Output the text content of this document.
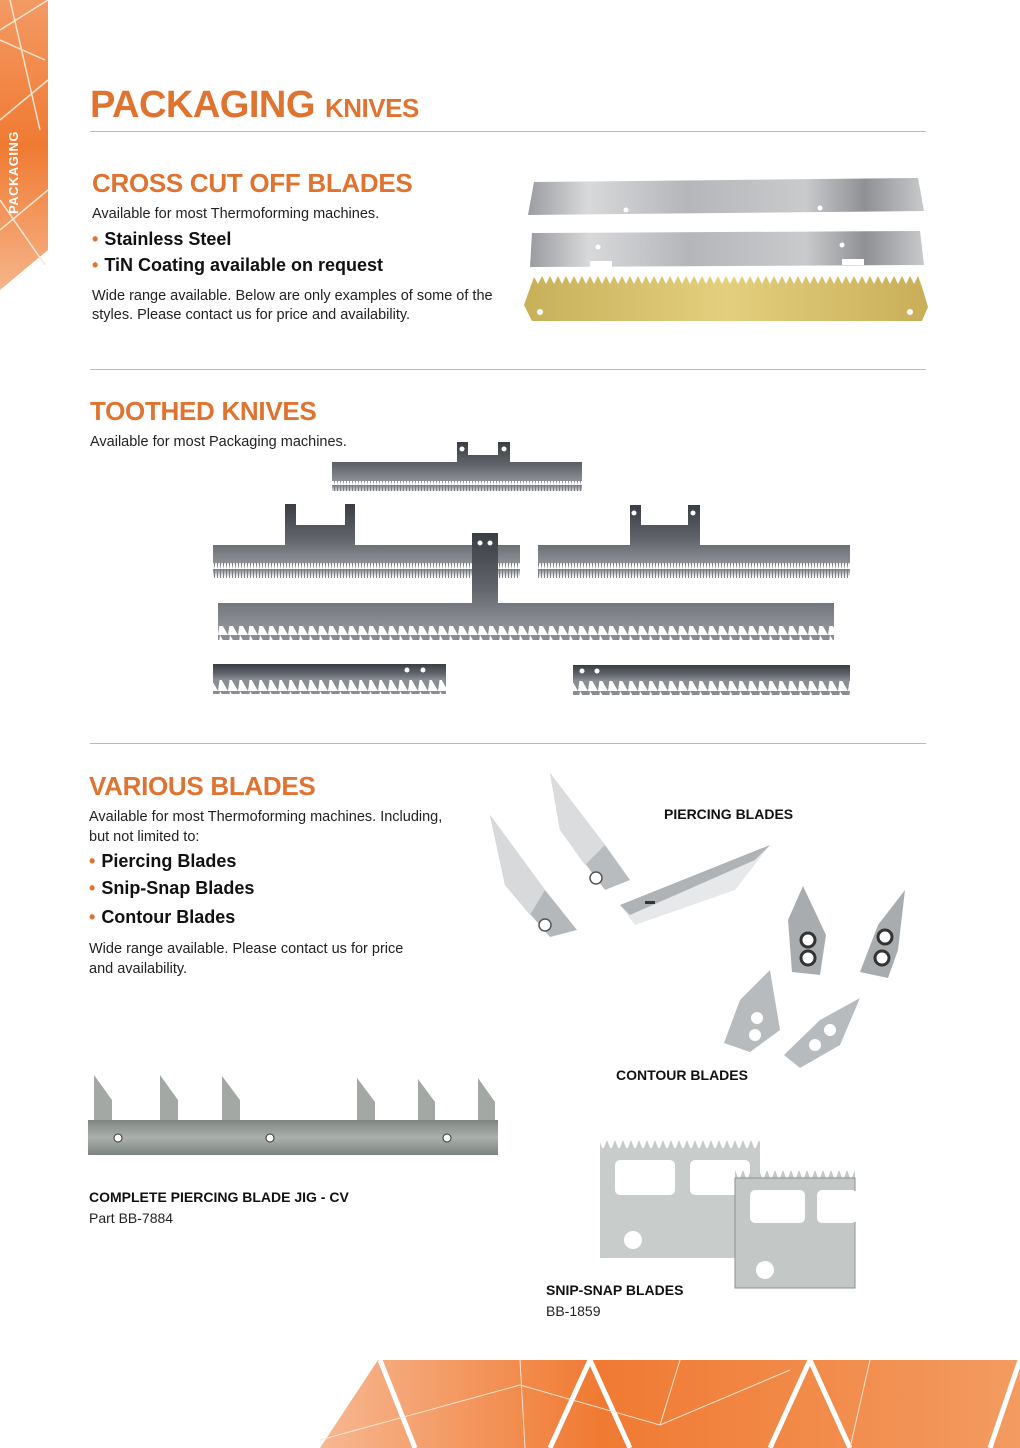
PACKAGING
PACKAGING KNIVES
CROSS CUT OFF BLADES
Available for most Thermoforming machines.
• Stainless Steel
• TiN Coating available on request
Wide range available. Below are only examples of some of the
styles. Please contact us for price and availability.
TOOTHED KNIVES
Available for most Packaging machines.
VARIOUS BLADES
Available for most Thermoforming machines. Including,
but not limited to:
• Piercing Blades
• Snip-Snap Blades
• Contour Blades
Wide range available. Please contact us for price
and availability.
PIERCING BLADES
CONTOUR BLADES
COMPLETE PIERCING BLADE JIG - CV
Part BB-7884
SNIP-SNAP BLADES
BB-1859
